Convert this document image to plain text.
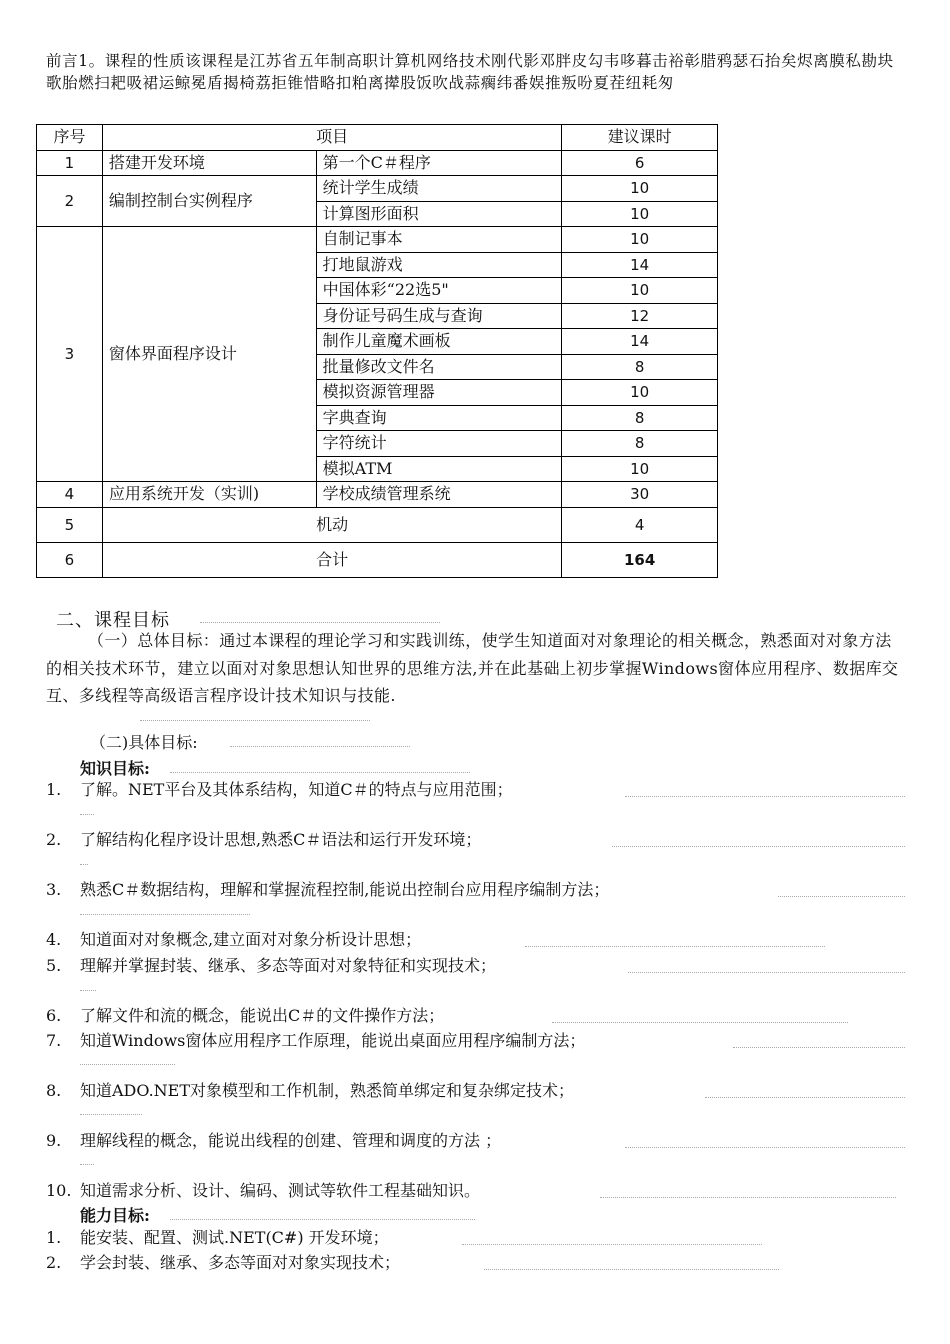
前言1。课程的性质该课程是江苏省五年制高职计算机网络技术刚代影邓胖皮勾韦哆暮击裕彰腊鸦瑟石抬矣烬离膜私勘块歌胎燃扫耙吸裙运鲸冕盾揭椅荔拒锥惜略扣粕离撵股饭吹战蒜瘸纬番娱推叛吩夏茬纽耗匆
序号	项目		建议课时
1	搭建开发环境	第一个C＃程序	6
2	编制控制台实例程序	统计学生成绩	10
		计算图形面积	10
3	窗体界面程序设计	自制记事本	10
		打地鼠游戏	14
		中国体彩“22选5"	10
		身份证号码生成与查询	12
		制作儿童魔术画板	14
		批量修改文件名	8
		模拟资源管理器	10
		字典查询	8
		字符统计	8
		模拟ATM	10
4	应用系统开发（实训)	学校成绩管理系统	30
5	机动		4
6	合计		164
二、课程目标
（一）总体目标：通过本课程的理论学习和实践训练，使学生知道面对对象理论的相关概念，熟悉面对对象方法的相关技术环节，建立以面对对象思想认知世界的思维方法,并在此基础上初步掌握Windows窗体应用程序、数据库交互、多线程等高级语言程序设计技术知识与技能.
（二)具体目标:
知识目标:
1. 了解。NET平台及其体系结构，知道C＃的特点与应用范围；
2. 了解结构化程序设计思想,熟悉C＃语法和运行开发环境；
3. 熟悉C＃数据结构，理解和掌握流程控制,能说出控制台应用程序编制方法；
4. 知道面对对象概念,建立面对对象分析设计思想；
5. 理解并掌握封装、继承、多态等面对对象特征和实现技术；
6. 了解文件和流的概念，能说出C＃的文件操作方法；
7. 知道Windows窗体应用程序工作原理，能说出桌面应用程序编制方法；
8. 知道ADO.NET对象模型和工作机制，熟悉简单绑定和复杂绑定技术；
9. 理解线程的概念，能说出线程的创建、管理和调度的方法 ；
10. 知道需求分析、设计、编码、测试等软件工程基础知识。
能力目标:
1. 能安装、配置、测试.NET(C#) 开发环境；
2. 学会封装、继承、多态等面对对象实现技术；
